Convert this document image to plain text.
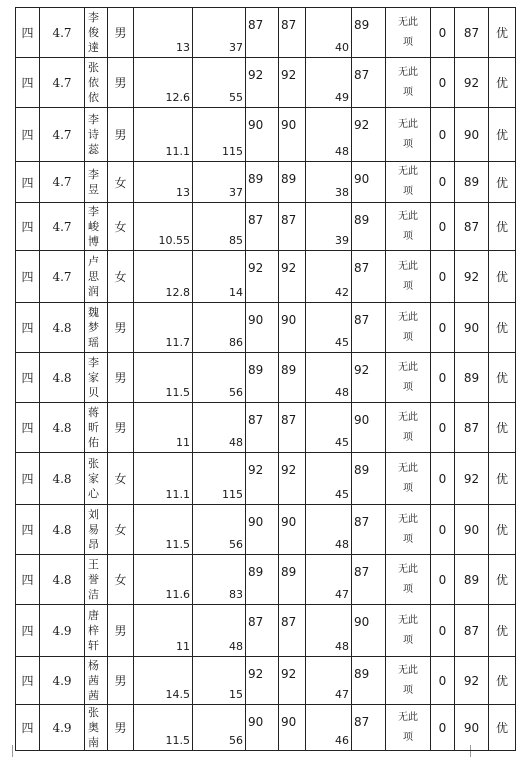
四	4.7	李俊達	男	13	37	87	87	40	89	无此项	0	87	优
四	4.7	张依依	男	12.6	55	92	92	49	87	无此项	0	92	优
四	4.7	李诗蕊	男	11.1	115	90	90	48	92	无此项	0	90	优
四	4.7	李昱	女	13	37	89	89	38	90	无此项	0	89	优
四	4.7	李峻博	女	10.55	85	87	87	39	89	无此项	0	87	优
四	4.7	卢思润	女	12.8	14	92	92	42	87	无此项	0	92	优
四	4.8	魏梦瑶	男	11.7	86	90	90	45	87	无此项	0	90	优
四	4.8	李家贝	男	11.5	56	89	89	48	92	无此项	0	89	优
四	4.8	蒋昕佑	男	11	48	87	87	45	90	无此项	0	87	优
四	4.8	张家心	女	11.1	115	92	92	45	89	无此项	0	92	优
四	4.8	刘易昂	女	11.5	56	90	90	48	87	无此项	0	90	优
四	4.8	王誉洁	女	11.6	83	89	89	47	87	无此项	0	89	优
四	4.9	唐梓轩	男	11	48	87	87	48	90	无此项	0	87	优
四	4.9	杨茜茜	男	14.5	15	92	92	47	89	无此项	0	92	优
四	4.9	张奥南	男	11.5	56	90	90	46	87	无此项	0	90	优
